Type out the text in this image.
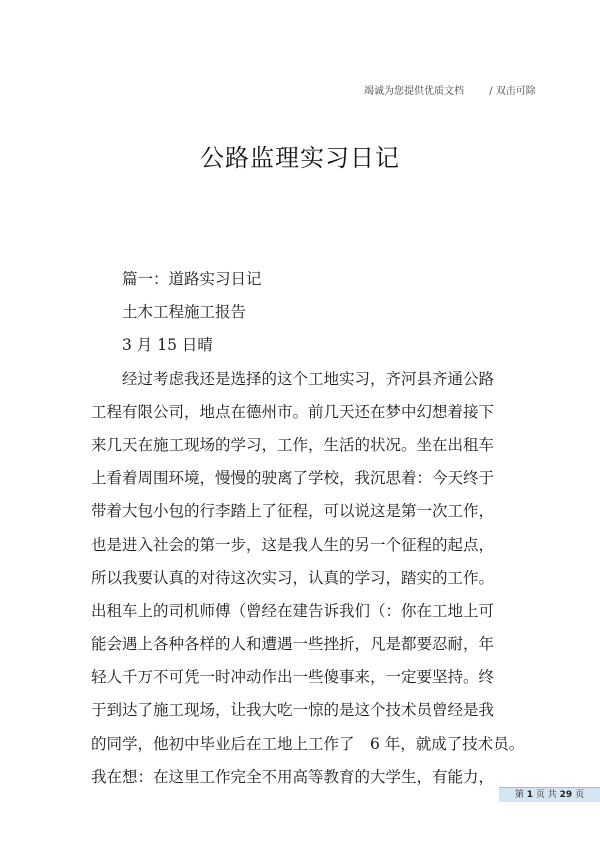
竭诚为您提供优质文档	/ 双击可除
公路监理实习日记
篇一：道路实习日记
土木工程施工报告
3 月 15 日晴
经过考虑我还是选择的这个工地实习，齐河县齐通公路
工程有限公司，地点在德州市。前几天还在梦中幻想着接下
来几天在施工现场的学习，工作，生活的状况。坐在出租车
上看着周围环境，慢慢的驶离了学校，我沉思着：今天终于
带着大包小包的行李踏上了征程，可以说这是第一次工作，
也是进入社会的第一步，这是我人生的另一个征程的起点，
所以我要认真的对待这次实习，认真的学习，踏实的工作。
出租车上的司机师傅（曾经在建告诉我们（：你在工地上可
能会遇上各种各样的人和遭遇一些挫折，凡是都要忍耐，年
轻人千万不可凭一时冲动作出一些傻事来，一定要坚持。终
于到达了施工现场，让我大吃一惊的是这个技术员曾经是我
的同学，他初中毕业后在工地上工作了　6 年，就成了技术员。
我在想：在这里工作完全不用高等教育的大学生，有能力，
第 1 页 共 29 页
